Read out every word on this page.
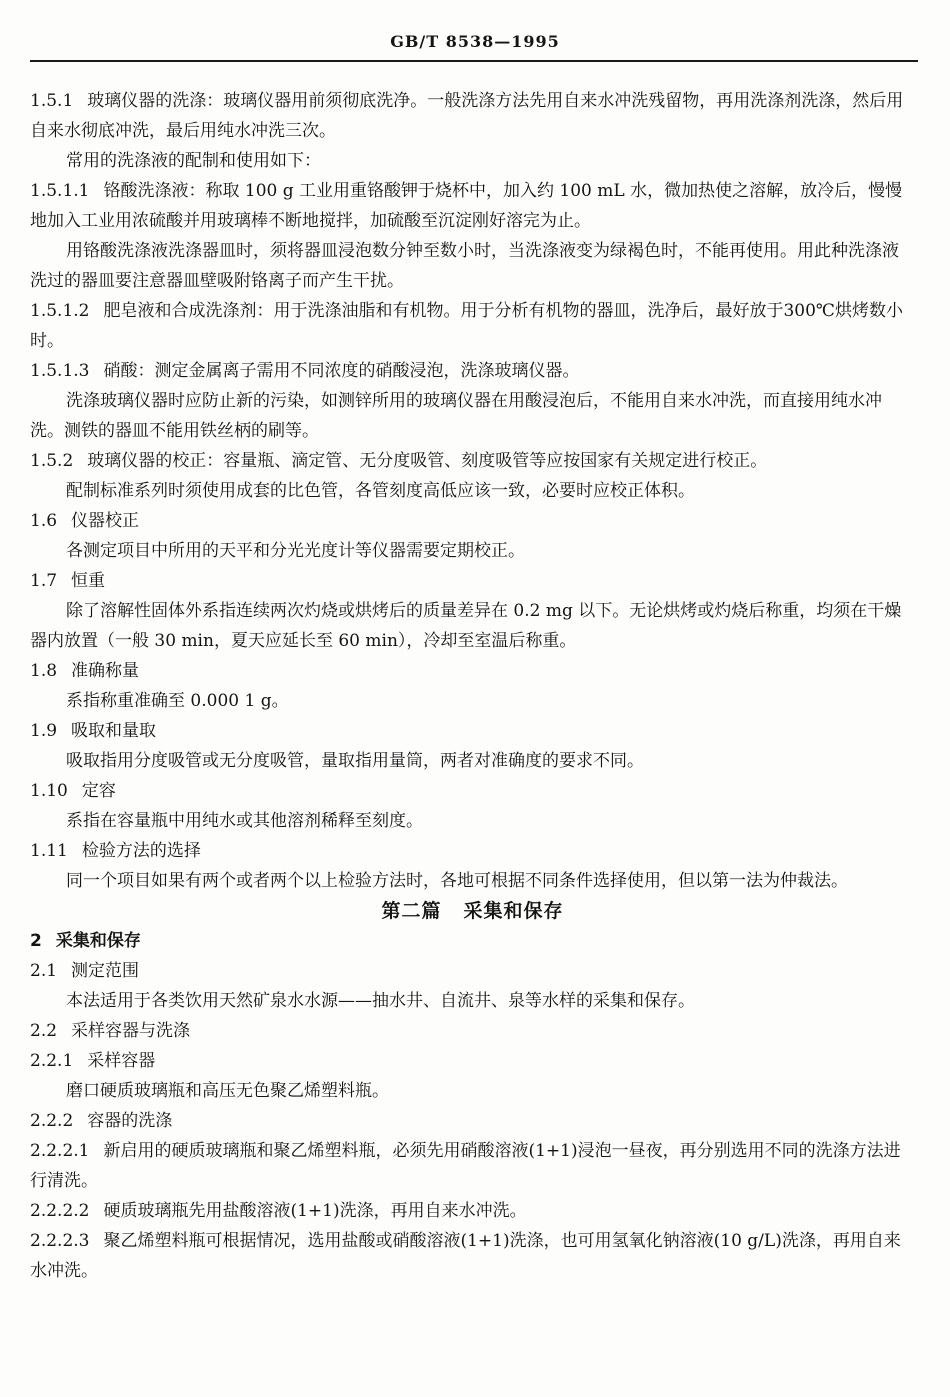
GB/T 8538—1995

1.5.1 玻璃仪器的洗涤：玻璃仪器用前须彻底洗净。一般洗涤方法先用自来水冲洗残留物，再用洗涤剂洗涤，然后用自来水彻底冲洗，最后用纯水冲洗三次。

常用的洗涤液的配制和使用如下：

1.5.1.1 铬酸洗涤液：称取 100 g 工业用重铬酸钾于烧杯中，加入约 100 mL 水，微加热使之溶解，放冷后，慢慢地加入工业用浓硫酸并用玻璃棒不断地搅拌，加硫酸至沉淀刚好溶完为止。

用铬酸洗涤液洗涤器皿时，须将器皿浸泡数分钟至数小时，当洗涤液变为绿褐色时，不能再使用。用此种洗涤液洗过的器皿要注意器皿壁吸附铬离子而产生干扰。

1.5.1.2 肥皂液和合成洗涤剂：用于洗涤油脂和有机物。用于分析有机物的器皿，洗净后，最好放于300℃烘烤数小时。

1.5.1.3 硝酸：测定金属离子需用不同浓度的硝酸浸泡，洗涤玻璃仪器。

洗涤玻璃仪器时应防止新的污染，如测锌所用的玻璃仪器在用酸浸泡后，不能用自来水冲洗，而直接用纯水冲洗。测铁的器皿不能用铁丝柄的刷等。

1.5.2 玻璃仪器的校正：容量瓶、滴定管、无分度吸管、刻度吸管等应按国家有关规定进行校正。

配制标准系列时须使用成套的比色管，各管刻度高低应该一致，必要时应校正体积。

1.6 仪器校正

各测定项目中所用的天平和分光光度计等仪器需要定期校正。

1.7 恒重

除了溶解性固体外系指连续两次灼烧或烘烤后的质量差异在 0.2 mg 以下。无论烘烤或灼烧后称重，均须在干燥器内放置（一般 30 min，夏天应延长至 60 min），冷却至室温后称重。

1.8 准确称量

系指称重准确至 0.000 1 g。

1.9 吸取和量取

吸取指用分度吸管或无分度吸管，量取指用量筒，两者对准确度的要求不同。

1.10 定容

系指在容量瓶中用纯水或其他溶剂稀释至刻度。

1.11 检验方法的选择

同一个项目如果有两个或者两个以上检验方法时，各地可根据不同条件选择使用，但以第一法为仲裁法。

第二篇 采集和保存

2 采集和保存

2.1 测定范围

本法适用于各类饮用天然矿泉水水源——抽水井、自流井、泉等水样的采集和保存。

2.2 采样容器与洗涤

2.2.1 采样容器

磨口硬质玻璃瓶和高压无色聚乙烯塑料瓶。

2.2.2 容器的洗涤

2.2.2.1 新启用的硬质玻璃瓶和聚乙烯塑料瓶，必须先用硝酸溶液(1+1)浸泡一昼夜，再分别选用不同的洗涤方法进行清洗。

2.2.2.2 硬质玻璃瓶先用盐酸溶液(1+1)洗涤，再用自来水冲洗。

2.2.2.3 聚乙烯塑料瓶可根据情况，选用盐酸或硝酸溶液(1+1)洗涤，也可用氢氧化钠溶液(10 g/L)洗涤，再用自来水冲洗。
